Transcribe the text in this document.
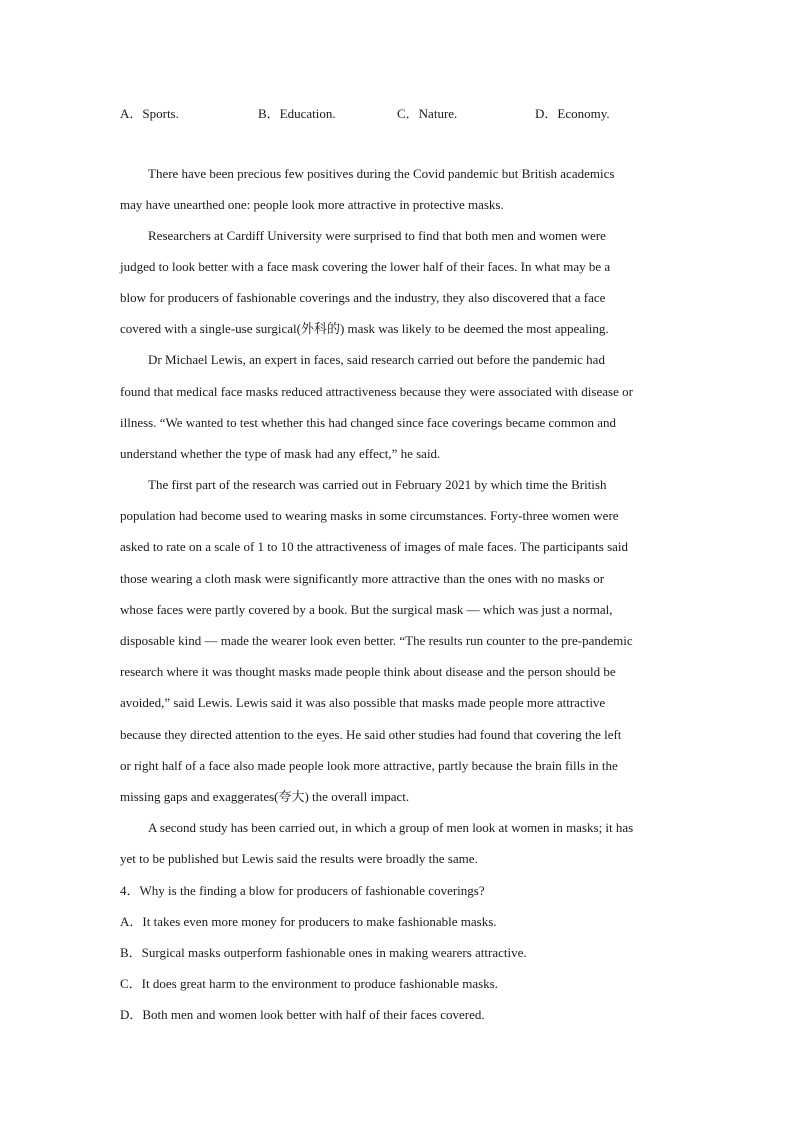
A．Sports.	B．Education.	C．Nature.	D．Economy.
There have been precious few positives during the Covid pandemic but British academics
may have unearthed one: people look more attractive in protective masks.
Researchers at Cardiff University were surprised to find that both men and women were
judged to look better with a face mask covering the lower half of their faces. In what may be a
blow for producers of fashionable coverings and the industry, they also discovered that a face
covered with a single-use surgical(外科的) mask was likely to be deemed the most appealing.
Dr Michael Lewis, an expert in faces, said research carried out before the pandemic had
found that medical face masks reduced attractiveness because they were associated with disease or
illness. “We wanted to test whether this had changed since face coverings became common and
understand whether the type of mask had any effect,” he said.
The first part of the research was carried out in February 2021 by which time the British
population had become used to wearing masks in some circumstances. Forty-three women were
asked to rate on a scale of 1 to 10 the attractiveness of images of male faces. The participants said
those wearing a cloth mask were significantly more attractive than the ones with no masks or
whose faces were partly covered by a book. But the surgical mask — which was just a normal,
disposable kind — made the wearer look even better. “The results run counter to the pre-pandemic
research where it was thought masks made people think about disease and the person should be
avoided,” said Lewis. Lewis said it was also possible that masks made people more attractive
because they directed attention to the eyes. He said other studies had found that covering the left
or right half of a face also made people look more attractive, partly because the brain fills in the
missing gaps and exaggerates(夸大) the overall impact.
A second study has been carried out, in which a group of men look at women in masks; it has
yet to be published but Lewis said the results were broadly the same.
4．Why is the finding a blow for producers of fashionable coverings?
A．It takes even more money for producers to make fashionable masks.
B．Surgical masks outperform fashionable ones in making wearers attractive.
C．It does great harm to the environment to produce fashionable masks.
D．Both men and women look better with half of their faces covered.
